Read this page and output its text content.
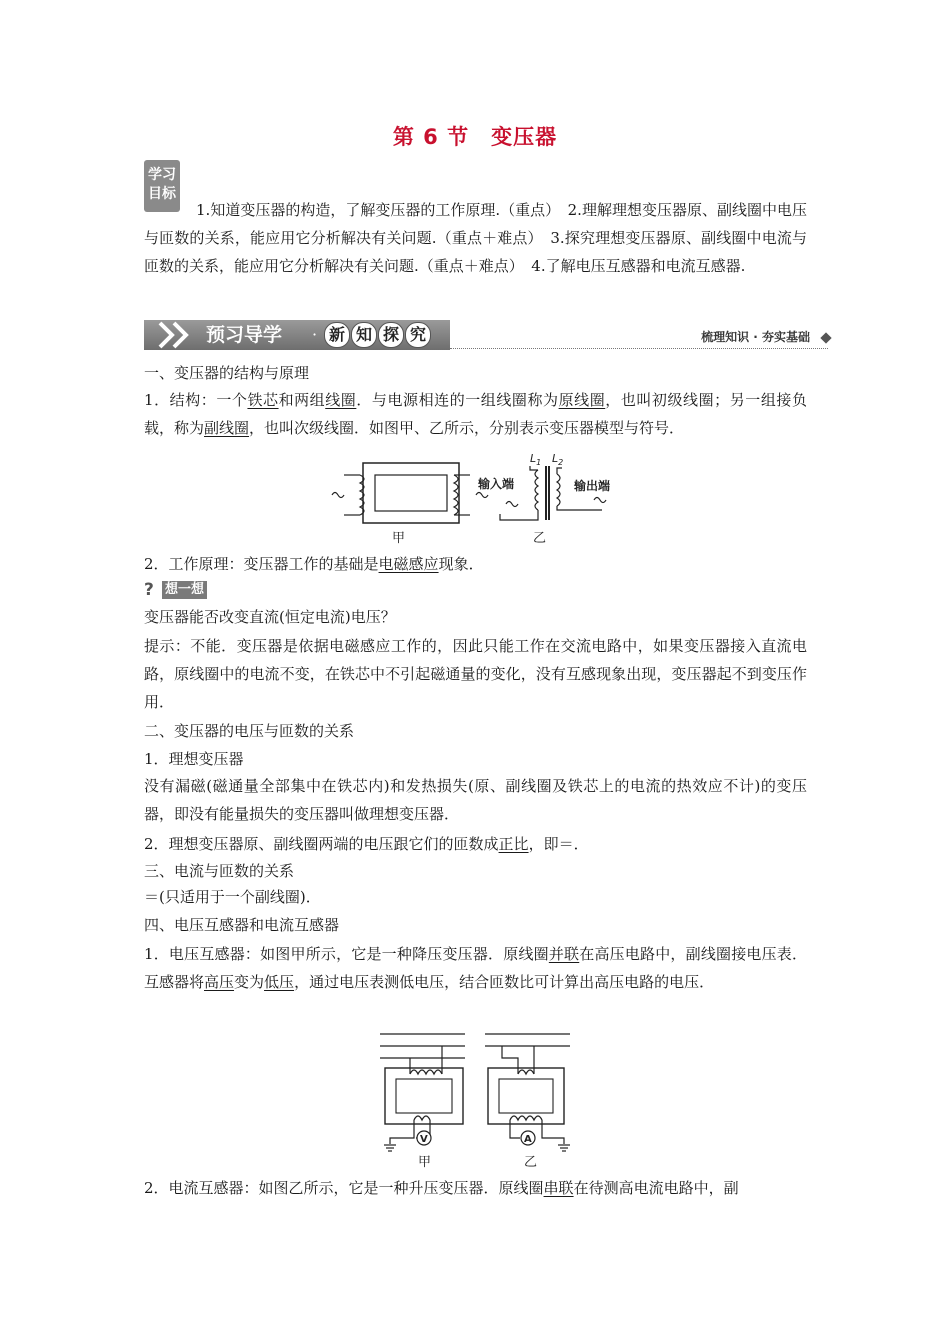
第 6 节　变压器
学习
目标
1.知道变压器的构造，了解变压器的工作原理.（重点）　2.理解理想变压器原、副线圈中电压与匝数的关系，能应用它分析解决有关问题.（重点＋难点）　3.探究理想变压器原、副线圈中电流与匝数的关系，能应用它分析解决有关问题.（重点＋难点）　4.了解电压互感器和电流互感器.
预习导学 · 新 知 探 究	梳理知识 · 夯实基础
一、变压器的结构与原理
1．结构：一个铁芯和两组线圈．与电源相连的一组线圈称为原线圈，也叫初级线圈；另一组接负载，称为副线圈，也叫次级线圈．如图甲、乙所示，分别表示变压器模型与符号．
甲
$L_1$ $L_2$
输入端	输出端
乙
2．工作原理：变压器工作的基础是电磁感应现象．
? 想一想
变压器能否改变直流(恒定电流)电压？
提示：不能．变压器是依据电磁感应工作的，因此只能工作在交流电路中，如果变压器接入直流电路，原线圈中的电流不变，在铁芯中不引起磁通量的变化，没有互感现象出现，变压器起不到变压作用．
二、变压器的电压与匝数的关系
1．理想变压器
没有漏磁(磁通量全部集中在铁芯内)和发热损失(原、副线圈及铁芯上的电流的热效应不计)的变压器，即没有能量损失的变压器叫做理想变压器．
2．理想变压器原、副线圈两端的电压跟它们的匝数成正比，即＝．
三、电流与匝数的关系
＝(只适用于一个副线圈)．
四、电压互感器和电流互感器
1．电压互感器：如图甲所示，它是一种降压变压器．原线圈并联在高压电路中，副线圈接电压表．互感器将高压变为低压，通过电压表测低电压，结合匝数比可计算出高压电路的电压．
V
甲
A
乙
2．电流互感器：如图乙所示，它是一种升压变压器．原线圈串联在待测高电流电路中，副
